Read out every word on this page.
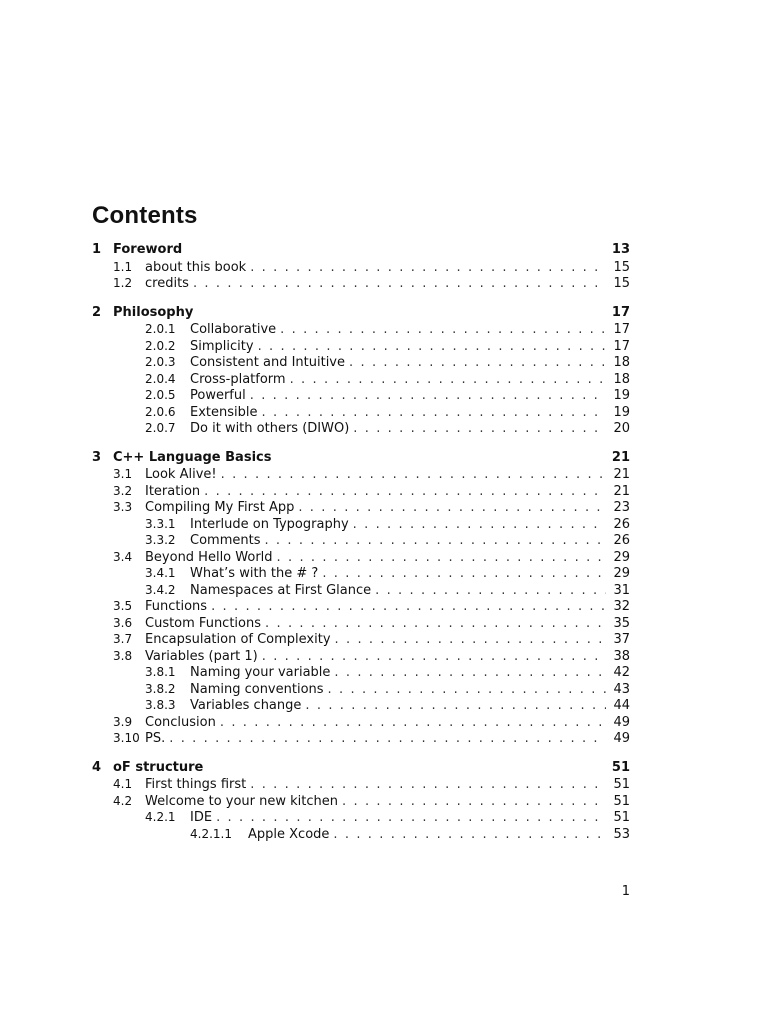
Contents
1 Foreword	13
1.1 about this book . . .	15
1.2 credits . . .	15
2 Philosophy	17
2.0.1	Collaborative . . .	17
2.0.2	Simplicity . . .	17
2.0.3	Consistent and Intuitive . . .	18
2.0.4	Cross-platform . . .	18
2.0.5	Powerful . . .	19
2.0.6	Extensible . . .	19
2.0.7	Do it with others (DIWO) . . .	20
3 C++ Language Basics	21
3.1 Look Alive! . . .	21
3.2 Iteration . . .	21
3.3 Compiling My First App . . .	23
3.3.1	Interlude on Typography . . .	26
3.3.2	Comments . . .	26
3.4 Beyond Hello World . . .	29
3.4.1	What’s with the # ? . . .	29
3.4.2	Namespaces at First Glance . . .	31
3.5 Functions . . .	32
3.6 Custom Functions . . .	35
3.7 Encapsulation of Complexity . . .	37
3.8 Variables (part 1) . . .	38
3.8.1	Naming your variable . . .	42
3.8.2	Naming conventions . . .	43
3.8.3	Variables change . . .	44
3.9 Conclusion . . .	49
3.10 PS. . . .	49
4 oF structure	51
4.1 First things first . . .	51
4.2 Welcome to your new kitchen . . .	51
4.2.1	IDE . . .	51
4.2.1.1	Apple Xcode . . .	53
1
